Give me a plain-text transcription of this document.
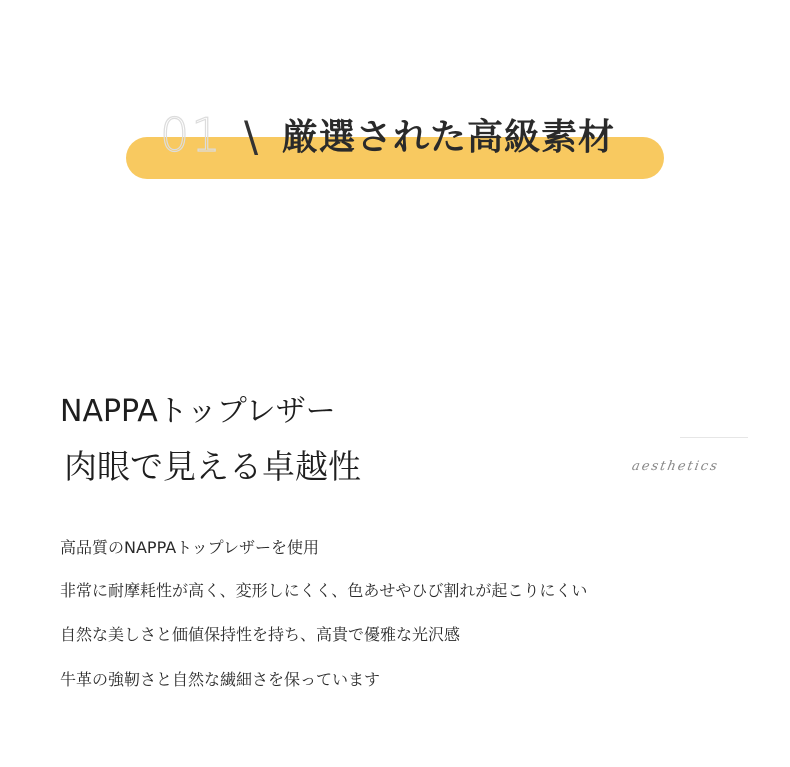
01 \ 厳選された高級素材
NAPPAトップレザー
肉眼で見える卓越性	aesthetics
高品質のNAPPAトップレザーを使用
非常に耐摩耗性が高く、変形しにくく、色あせやひび割れが起こりにくい
自然な美しさと価値保持性を持ち、高貴で優雅な光沢感
牛革の強靭さと自然な繊細さを保っています
